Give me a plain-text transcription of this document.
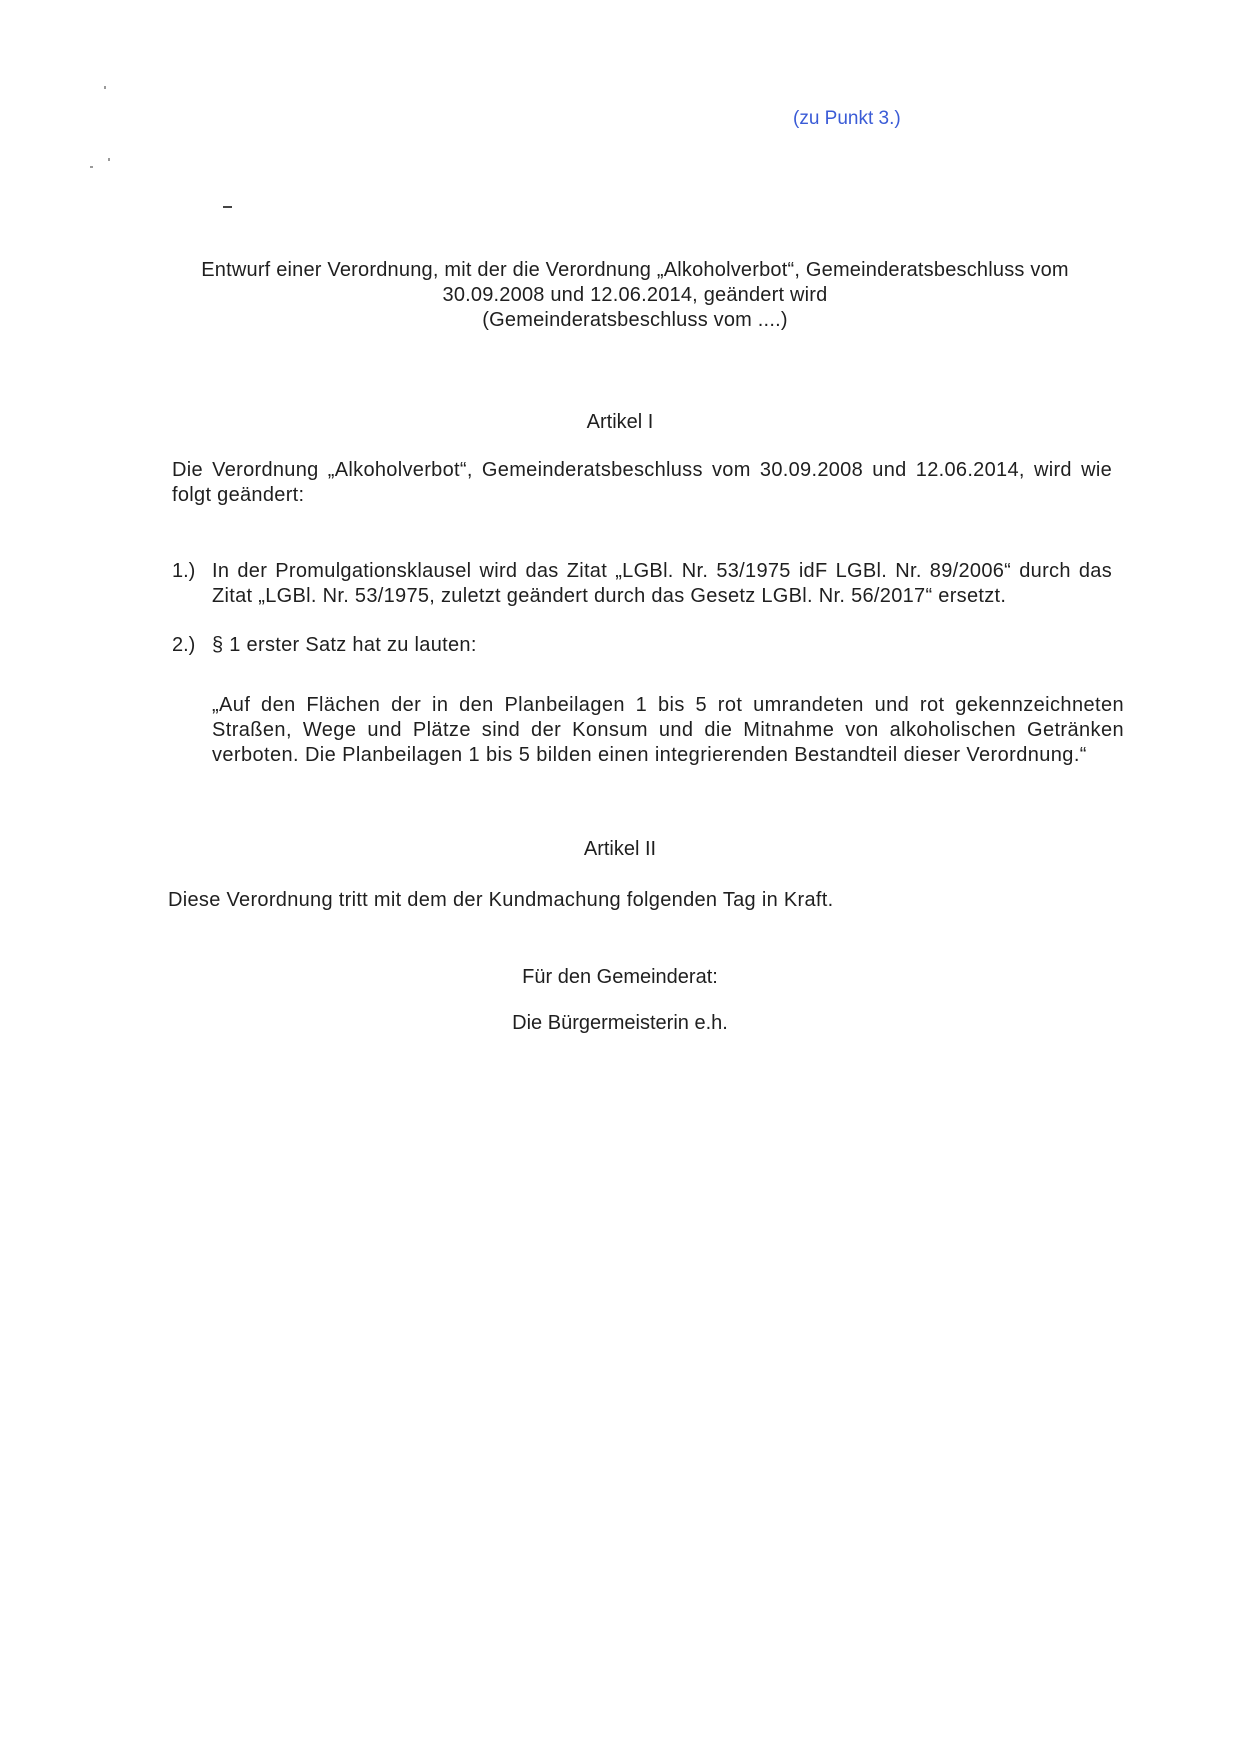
(zu Punkt 3.)

Entwurf einer Verordnung, mit der die Verordnung „Alkoholverbot“, Gemeinderatsbeschluss vom
30.09.2008 und 12.06.2014, geändert wird
(Gemeinderatsbeschluss vom ....)

Artikel I

Die Verordnung „Alkoholverbot“, Gemeinderatsbeschluss vom 30.09.2008 und 12.06.2014, wird wie folgt geändert:

1.) In der Promulgationsklausel wird das Zitat „LGBl. Nr. 53/1975 idF LGBl. Nr. 89/2006“ durch das Zitat „LGBl. Nr. 53/1975, zuletzt geändert durch das Gesetz LGBl. Nr. 56/2017“ ersetzt.
2.) § 1 erster Satz hat zu lauten:

„Auf den Flächen der in den Planbeilagen 1 bis 5 rot umrandeten und rot gekennzeichneten Straßen, Wege und Plätze sind der Konsum und die Mitnahme von alkoholischen Getränken verboten. Die Planbeilagen 1 bis 5 bilden einen integrierenden Bestandteil dieser Verordnung.“

Artikel II

Diese Verordnung tritt mit dem der Kundmachung folgenden Tag in Kraft.

Für den Gemeinderat:

Die Bürgermeisterin e.h.
